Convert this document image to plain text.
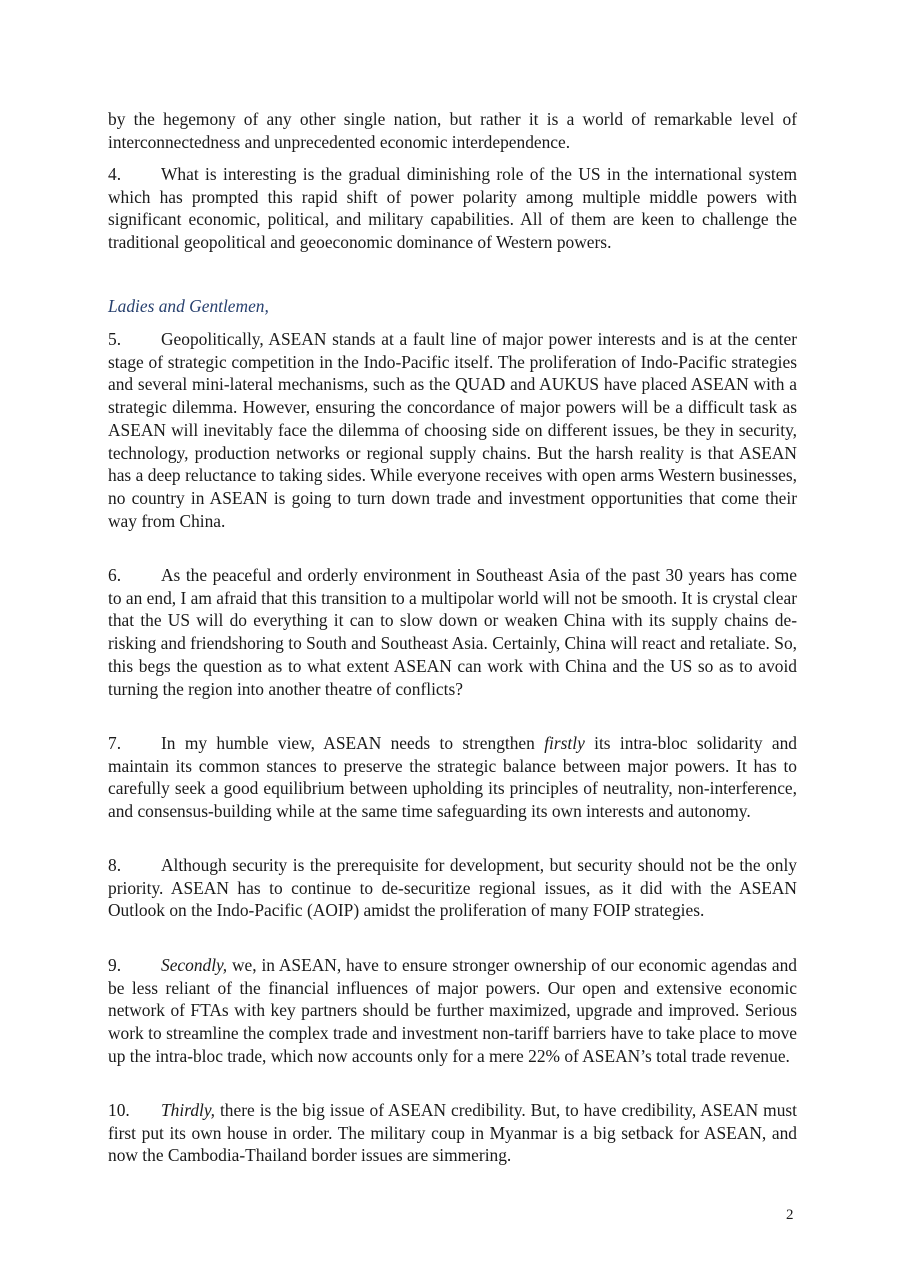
by the hegemony of any other single nation, but rather it is a world of remarkable level of interconnectedness and unprecedented economic interdependence.

4. What is interesting is the gradual diminishing role of the US in the international system which has prompted this rapid shift of power polarity among multiple middle powers with significant economic, political, and military capabilities. All of them are keen to challenge the traditional geopolitical and geoeconomic dominance of Western powers.

Ladies and Gentlemen,

5. Geopolitically, ASEAN stands at a fault line of major power interests and is at the center stage of strategic competition in the Indo-Pacific itself. The proliferation of Indo-Pacific strategies and several mini-lateral mechanisms, such as the QUAD and AUKUS have placed ASEAN with a strategic dilemma. However, ensuring the concordance of major powers will be a difficult task as ASEAN will inevitably face the dilemma of choosing side on different issues, be they in security, technology, production networks or regional supply chains. But the harsh reality is that ASEAN has a deep reluctance to taking sides. While everyone receives with open arms Western businesses, no country in ASEAN is going to turn down trade and investment opportunities that come their way from China.

6. As the peaceful and orderly environment in Southeast Asia of the past 30 years has come to an end, I am afraid that this transition to a multipolar world will not be smooth. It is crystal clear that the US will do everything it can to slow down or weaken China with its supply chains de-risking and friendshoring to South and Southeast Asia. Certainly, China will react and retaliate. So, this begs the question as to what extent ASEAN can work with China and the US so as to avoid turning the region into another theatre of conflicts?

7. In my humble view, ASEAN needs to strengthen firstly its intra-bloc solidarity and maintain its common stances to preserve the strategic balance between major powers. It has to carefully seek a good equilibrium between upholding its principles of neutrality, non-interference, and consensus-building while at the same time safeguarding its own interests and autonomy.

8. Although security is the prerequisite for development, but security should not be the only priority. ASEAN has to continue to de-securitize regional issues, as it did with the ASEAN Outlook on the Indo-Pacific (AOIP) amidst the proliferation of many FOIP strategies.

9. Secondly, we, in ASEAN, have to ensure stronger ownership of our economic agendas and be less reliant of the financial influences of major powers. Our open and extensive economic network of FTAs with key partners should be further maximized, upgrade and improved. Serious work to streamline the complex trade and investment non-tariff barriers have to take place to move up the intra-bloc trade, which now accounts only for a mere 22% of ASEAN’s total trade revenue.

10. Thirdly, there is the big issue of ASEAN credibility. But, to have credibility, ASEAN must first put its own house in order. The military coup in Myanmar is a big setback for ASEAN, and now the Cambodia-Thailand border issues are simmering.

2
